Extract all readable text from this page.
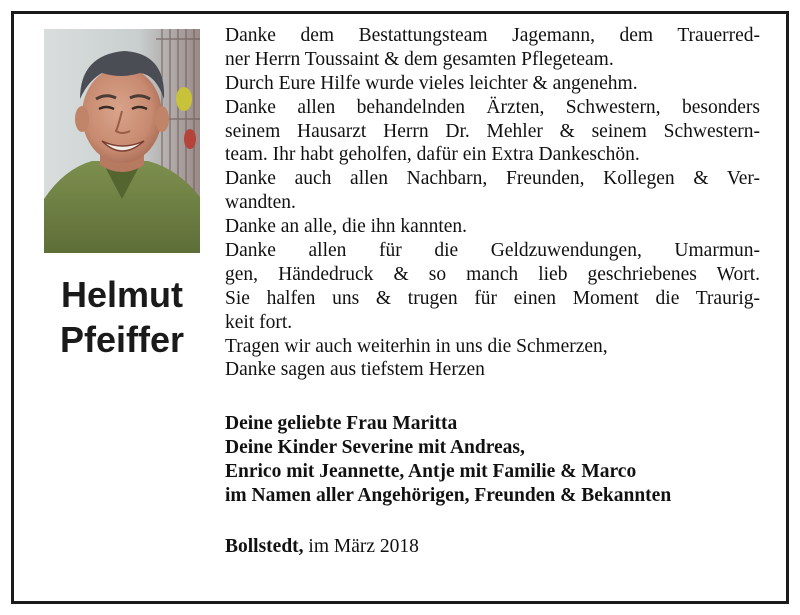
Helmut
Pfeiffer
Danke dem Bestattungsteam Jagemann, dem Trauerred-
ner Herrn Toussaint & dem gesamten Pflegeteam.
Durch Eure Hilfe wurde vieles leichter & angenehm.
Danke allen behandelnden Ärzten, Schwestern, besonders
seinem Hausarzt Herrn Dr. Mehler & seinem Schwestern-
team. Ihr habt geholfen, dafür ein Extra Dankeschön.
Danke auch allen Nachbarn, Freunden, Kollegen & Ver-
wandten.
Danke an alle, die ihn kannten.
Danke allen für die Geldzuwendungen, Umarmun-
gen, Händedruck & so manch lieb geschriebenes Wort.
Sie halfen uns & trugen für einen Moment die Traurig-
keit fort.
Tragen wir auch weiterhin in uns die Schmerzen,
Danke sagen aus tiefstem Herzen
Deine geliebte Frau Maritta
Deine Kinder Severine mit Andreas,
Enrico mit Jeannette, Antje mit Familie & Marco
im Namen aller Angehörigen, Freunden & Bekannten
Bollstedt, im März 2018
